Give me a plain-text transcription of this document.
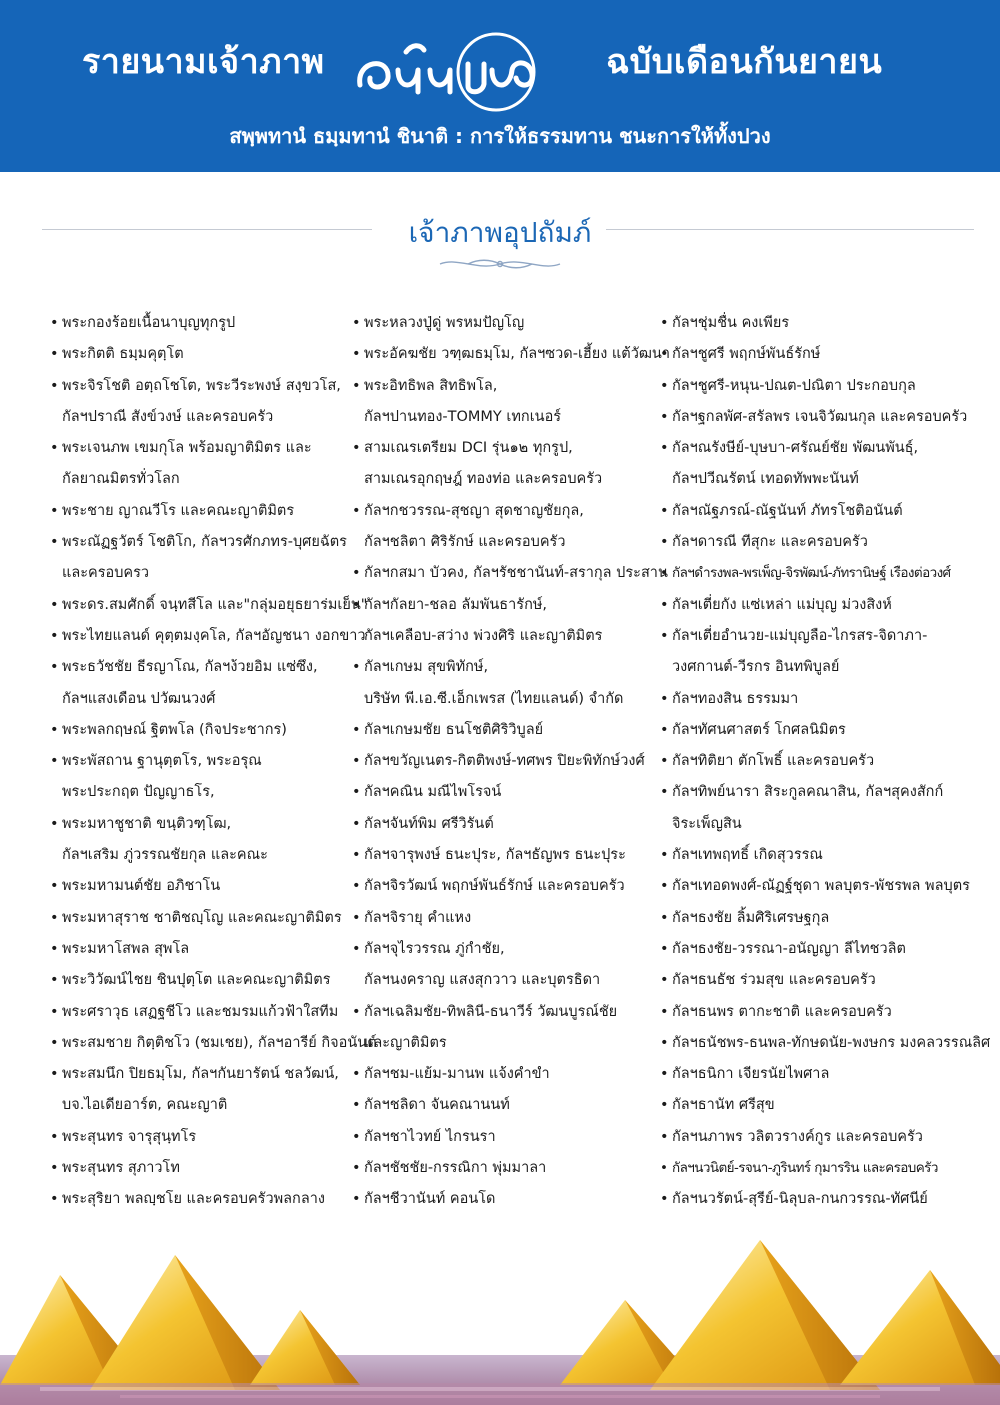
รายนามเจ้าภาพ	ฉบับเดือนกันยายน
สพฺพทานํ ธมฺมทานํ ชินาติ : การให้ธรรมทาน ชนะการให้ทั้งปวง
เจ้าภาพอุปถัมภ์
• พระกองร้อยเนื้อนาบุญทุกรูป
• พระกิตติ ธมฺมคุตฺโต
• พระจิรโชติ อตฺถโชโต, พระวีระพงษ์ สงฺขวโส,
กัลฯปราณี สังข์วงษ์ และครอบครัว
• พระเจนภพ เขมกุโล พร้อมญาติมิตร และ
กัลยาณมิตรทั่วโลก
• พระชาย ญาณวีโร และคณะญาติมิตร
• พระณัฏฐวัตร์ โชติโก, กัลฯวรศักภทร-บุศยฉัตร
และครอบครว
• พระดร.สมศักดิ์ จนฺทสีโล และ"กลุ่มอยุธยาร่มเย็น"
• พระไทยแลนด์ คุตฺตมงฺคโล, กัลฯอัญชนา งอกขาว
• พระธวัชชัย ธีรญาโณ, กัลฯง้วยอิม แซ่ซึง,
กัลฯแสงเดือน ปวัฒนวงศ์
• พระพลกฤษณ์ ฐิตพโล (กิจประชากร)
• พระพัสถาน ฐานุตฺตโร, พระอรุณ
พระประกฤต ปัญญาธโร,
• พระมหาชูชาติ ขนฺติวฑฺโฒ,
กัลฯเสริม ภู่วรรณชัยกุล และคณะ
• พระมหามนต์ชัย อภิชาโน
• พระมหาสุราช ชาติชญฺโญ และคณะญาติมิตร
• พระมหาโสพล สุพโล
• พระวิวัฒน์ไชย ชินปุตฺโต และคณะญาติมิตร
• พระศราวุธ เสฏฐชีโว และชมรมแก้วฟ้าใสทีม
• พระสมชาย กิตฺติชโว (ชมเชย), กัลฯอารีย์ กิจอนันต์
• พระสมนึก ปิยธมฺโม, กัลฯกันยารัตน์ ชลวัฒน์,
บจ.ไอเดียอาร์ต, คณะญาติ
• พระสุนทร จารุสุนฺทโร
• พระสุนทร สุภาวโท
• พระสุริยา พลญฺชโย และครอบครัวพลกลาง
• พระหลวงปู่ดู่ พรหมปัญโญ
• พระอัคฆชัย วฑฺฒธมฺโม, กัลฯซวด-เฮี้ยง แต้วัฒนา
• พระอิทธิพล สิทธิพโล,
กัลฯปานทอง-TOMMY เทกเนอร์
• สามเณรเตรียม DCI รุ่น๑๒ ทุกรูป,
สามเณรอุกฤษฎ์ ทองท่อ และครอบครัว
• กัลฯกชวรรณ-สุชญา สุดชาญชัยกุล,
กัลฯชลิตา ศิริรักษ์ และครอบครัว
• กัลฯกสมา บัวคง, กัลฯรัชชานันท์-สรากุล ประสาน
• กัลฯกัลยา-ชลอ ลัมพันธารักษ์,
กัลฯเคลือบ-สว่าง พ่วงศิริ และญาติมิตร
• กัลฯเกษม สุขพิทักษ์,
บริษัท พี.เอ.ซี.เอ็กเพรส (ไทยแลนด์) จำกัด
• กัลฯเกษมชัย ธนโชติศิริวิบูลย์
• กัลฯขวัญเนตร-กิตติพงษ์-ทศพร ปิยะพิทักษ์วงศ์
• กัลฯคณิน มณีไพโรจน์
• กัลฯจันท์พิม ศรีวิรันต์
• กัลฯจารุพงษ์ ธนะปุระ, กัลฯธัญพร ธนะปุระ
• กัลฯจิรวัฒน์ พฤกษ์พันธ์รักษ์ และครอบครัว
• กัลฯจิรายุ คำแหง
• กัลฯจุไรวรรณ ภู่กำชัย,
กัลฯนงคราญ แสงสุกวาว และบุตรธิดา
• กัลฯเฉลิมชัย-ทิพลินี-ธนาวีร์ วัฒนบูรณ์ชัย
และญาติมิตร
• กัลฯชม-แย้ม-มานพ แจ้งคำขำ
• กัลฯชลิดา จันคณานนท์
• กัลฯชาไวทย์ ไกรนรา
• กัลฯชัชชัย-กรรณิกา พุ่มมาลา
• กัลฯชีวานันท์ คอนโด
• กัลฯชุ่มชื่น คงเพียร
• กัลฯชูศรี พฤกษ์พันธ์รักษ์
• กัลฯชูศรี-หนุน-ปณต-ปณิตา ประกอบกุล
• กัลฯฐกลพัศ-สรัลพร เจนจิวัฒนกุล และครอบครัว
• กัลฯณรังษีย์-บุษบา-ศรัณย์ชัย พัฒนพันธุ์,
กัลฯปวีณรัตน์ เทอดทัพพะนันท์
• กัลฯณัฐภรณ์-ณัฐนันท์ ภัทรโชติอนันต์
• กัลฯดารณี ทีสุกะ และครอบครัว
• กัลฯดำรงพล-พรเพ็ญ-จิรพัฒน์-ภัทรานิษฐ์ เรืองต่อวงศ์
• กัลฯเตี่ยกัง แซ่เหล่า แม่บุญ ม่วงสิงห์
• กัลฯเตี่ยอำนวย-แม่บุญลือ-ไกรสร-จิดาภา-
วงศกานต์-วีรกร อินทพิบูลย์
• กัลฯทองสิน ธรรมมา
• กัลฯทัศนศาสตร์ โกศลนิมิตร
• กัลฯทิติยา ตักโพธิ์ และครอบครัว
• กัลฯทิพย์นารา สิระกูลคณาสิน, กัลฯสุคงสักก์
จิระเพ็ญสิน
• กัลฯเทพฤทธิ์ เกิดสุวรรณ
• กัลฯเทอดพงศ์-ณัฏฐ์ชุดา พลบุตร-พัชรพล พลบุตร
• กัลฯธงชัย ลิ้มศิริเศรษฐกุล
• กัลฯธงชัย-วรรณา-อนัญญา ลีไทชวลิต
• กัลฯธนธัช ร่วมสุข และครอบครัว
• กัลฯธนพร ตากะชาติ และครอบครัว
• กัลฯธนัชพร-ธนพล-ทักษดนัย-พงษกร มงคลวรรณลิศ
• กัลฯธนิกา เจียรนัยไพศาล
• กัลฯธานัท ศรีสุข
• กัลฯนภาพร วลิตวรางค์กูร และครอบครัว
• กัลฯนวนิตย์-รจนา-ภูรินทร์ กุมารริน และครอบครัว
• กัลฯนวรัตน์-สุรีย์-นิลุบล-กนกวรรณ-ทัศนีย์
